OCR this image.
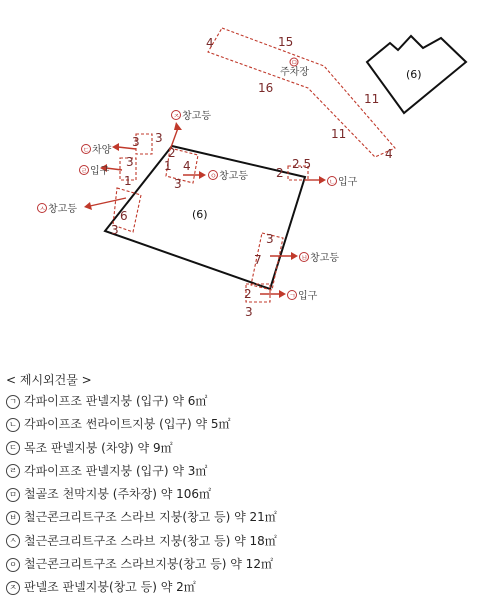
15
4
16
11
11
4
ㅁ
주차장	(6)
(6)
3 3
3
2
1
1
6
3
4
3
2
2.5
3
7
2
3
ㅈ 창고등
ㄷ 차양
ㄹ 입구
ㅅ 창고등
ㅇ 창고등	ㄴ 입구
ㅂ 창고등
ㄱ 입구
< 제시외건물 >
ㄱ 각파이프조 판넬지붕 (입구) 약 6㎡
ㄴ 각파이프조 썬라이트지붕 (입구) 약 5㎡
ㄷ 목조 판넬지붕 (차양) 약 9㎡
ㄹ 각파이프조 판넬지붕 (입구) 약 3㎡
ㅁ 철골조 천막지붕 (주차장) 약 106㎡
ㅂ 철근콘크리트구조 스라브 지붕(창고 등) 약 21㎡
ㅅ 철근콘크리트구조 스라브 지붕(창고 등) 약 18㎡
ㅇ 철근콘크리트구조 스라브지붕(창고 등) 약 12㎡
ㅈ 판넬조 판넬지붕(창고 등) 약 2㎡
